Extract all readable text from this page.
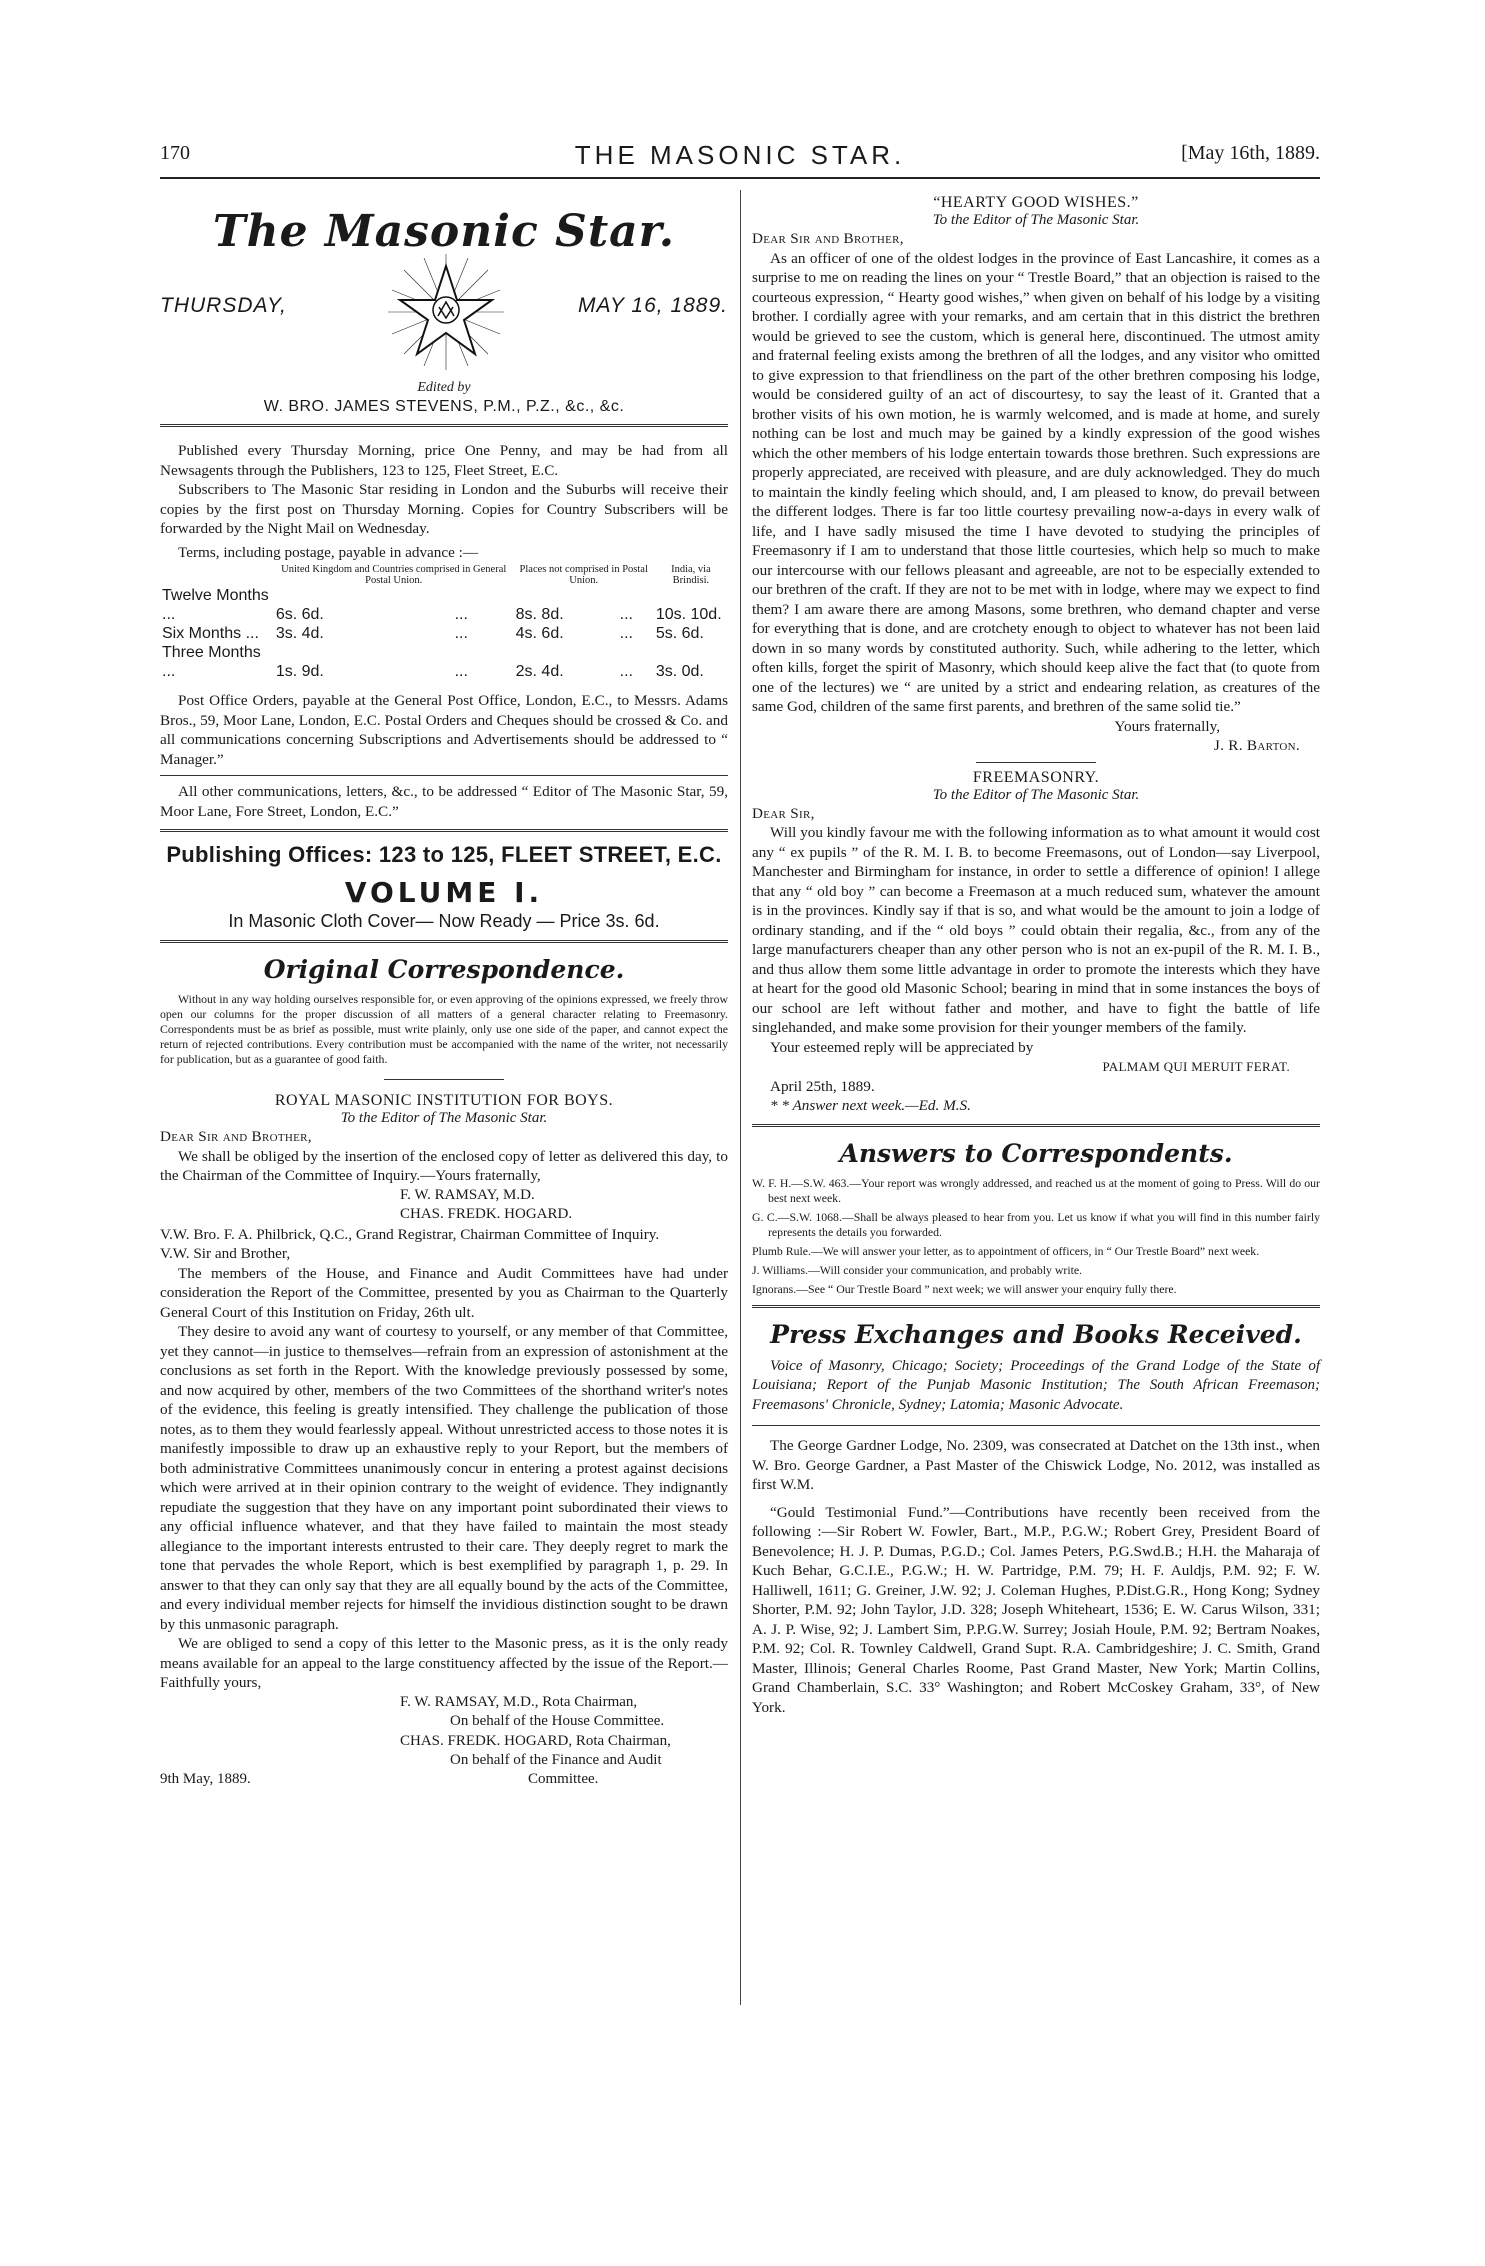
170	THE MASONIC STAR.	[May 16th, 1889.
The Masonic Star.
THURSDAY,	MAY 16, 1889.

Edited by

W. BRO. JAMES STEVENS, P.M., P.Z., &c., &c.

Published every Thursday Morning, price One Penny, and may be had from all Newsagents through the Publishers, 123 to 125, Fleet Street, E.C.

Subscribers to The Masonic Star residing in London and the Suburbs will receive their copies by the first post on Thursday Morning. Copies for Country Subscribers will be forwarded by the Night Mail on Wednesday.

Terms, including postage, payable in advance :—

	United Kingdom and Countries comprised in General Postal Union.		Places not comprised in Postal Union.		India, via Brindisi.
Twelve Months ...	6s. 6d.	...	8s. 8d.	...	10s. 10d.
Six Months ...	3s. 4d.	...	4s. 6d.	...	5s. 6d.
Three Months ...	1s. 9d.	...	2s. 4d.	...	3s. 0d.

Post Office Orders, payable at the General Post Office, London, E.C., to Messrs. Adams Bros., 59, Moor Lane, London, E.C. Postal Orders and Cheques should be crossed & Co. and all communications concerning Subscriptions and Advertisements should be addressed to “ Manager.”

All other communications, letters, &c., to be addressed “ Editor of The Masonic Star, 59, Moor Lane, Fore Street, London, E.C.”

Publishing Offices: 123 to 125, FLEET STREET, E.C.

VOLUME I.

In Masonic Cloth Cover— Now Ready — Price 3s. 6d.

Original Correspondence.

Without in any way holding ourselves responsible for, or even approving of the opinions expressed, we freely throw open our columns for the proper discussion of all matters of a general character relating to Freemasonry. Correspondents must be as brief as possible, must write plainly, only use one side of the paper, and cannot expect the return of rejected contributions. Every contribution must be accompanied with the name of the writer, not necessarily for publication, but as a guarantee of good faith.

ROYAL MASONIC INSTITUTION FOR BOYS.

To the Editor of The Masonic Star.

Dear Sir and Brother,

We shall be obliged by the insertion of the enclosed copy of letter as delivered this day, to the Chairman of the Committee of Inquiry.—Yours fraternally,

F. W. RAMSAY, M.D.

CHAS. FREDK. HOGARD.

V.W. Bro. F. A. Philbrick, Q.C., Grand Registrar, Chairman Committee of Inquiry.

V.W. Sir and Brother,

The members of the House, and Finance and Audit Committees have had under consideration the Report of the Committee, presented by you as Chairman to the Quarterly General Court of this Institution on Friday, 26th ult.

They desire to avoid any want of courtesy to yourself, or any member of that Committee, yet they cannot—in justice to themselves—refrain from an expression of astonishment at the conclusions as set forth in the Report. With the knowledge previously possessed by some, and now acquired by other, members of the two Committees of the shorthand writer's notes of the evidence, this feeling is greatly intensified. They challenge the publication of those notes, as to them they would fearlessly appeal. Without unrestricted access to those notes it is manifestly impossible to draw up an exhaustive reply to your Report, but the members of both administrative Committees unanimously concur in entering a protest against decisions which were arrived at in their opinion contrary to the weight of evidence. They indignantly repudiate the suggestion that they have on any important point subordinated their views to any official influence whatever, and that they have failed to maintain the most steady allegiance to the important interests entrusted to their care. They deeply regret to mark the tone that pervades the whole Report, which is best exemplified by paragraph 1, p. 29. In answer to that they can only say that they are all equally bound by the acts of the Committee, and every individual member rejects for himself the invidious distinction sought to be drawn by this unmasonic paragraph.

We are obliged to send a copy of this letter to the Masonic press, as it is the only ready means available for an appeal to the large constituency affected by the issue of the Report.—Faithfully yours,

F. W. RAMSAY, M.D., Rota Chairman,

On behalf of the House Committee.

CHAS. FREDK. HOGARD, Rota Chairman,

On behalf of the Finance and Audit

9th May, 1889.	Committee.

“HEARTY GOOD WISHES.”

To the Editor of The Masonic Star.

Dear Sir and Brother,

As an officer of one of the oldest lodges in the province of East Lancashire, it comes as a surprise to me on reading the lines on your “ Trestle Board,” that an objection is raised to the courteous expression, “ Hearty good wishes,” when given on behalf of his lodge by a visiting brother. I cordially agree with your remarks, and am certain that in this district the brethren would be grieved to see the custom, which is general here, discontinued. The utmost amity and fraternal feeling exists among the brethren of all the lodges, and any visitor who omitted to give expression to that friendliness on the part of the other brethren composing his lodge, would be considered guilty of an act of discourtesy, to say the least of it. Granted that a brother visits of his own motion, he is warmly welcomed, and is made at home, and surely nothing can be lost and much may be gained by a kindly expression of the good wishes which the other members of his lodge entertain towards those brethren. Such expressions are properly appreciated, are received with pleasure, and are duly acknowledged. They do much to maintain the kindly feeling which should, and, I am pleased to know, do prevail between the different lodges. There is far too little courtesy prevailing now-a-days in every walk of life, and I have sadly misused the time I have devoted to studying the principles of Freemasonry if I am to understand that those little courtesies, which help so much to make our intercourse with our fellows pleasant and agreeable, are not to be especially extended to our brethren of the craft. If they are not to be met with in lodge, where may we expect to find them? I am aware there are among Masons, some brethren, who demand chapter and verse for everything that is done, and are crotchety enough to object to whatever has not been laid down in so many words by constituted authority. Such, while adhering to the letter, which often kills, forget the spirit of Masonry, which should keep alive the fact that (to quote from one of the lectures) we “ are united by a strict and endearing relation, as creatures of the same God, children of the same first parents, and brethren of the same solid tie.”

Yours fraternally,

J. R. Barton.

FREEMASONRY.

To the Editor of The Masonic Star.

Dear Sir,

Will you kindly favour me with the following information as to what amount it would cost any “ ex pupils ” of the R. M. I. B. to become Freemasons, out of London—say Liverpool, Manchester and Birmingham for instance, in order to settle a difference of opinion! I allege that any “ old boy ” can become a Freemason at a much reduced sum, whatever the amount is in the provinces. Kindly say if that is so, and what would be the amount to join a lodge of ordinary standing, and if the “ old boys ” could obtain their regalia, &c., from any of the large manufacturers cheaper than any other person who is not an ex-pupil of the R. M. I. B., and thus allow them some little advantage in order to promote the interests which they have at heart for the good old Masonic School; bearing in mind that in some instances the boys of our school are left without father and mother, and have to fight the battle of life singlehanded, and make some provision for their younger members of the family.

Your esteemed reply will be appreciated by

PALMAM QUI MERUIT FERAT.

April 25th, 1889.

* * Answer next week.—Ed. M.S.

Answers to Correspondents.

W. F. H.—S.W. 463.—Your report was wrongly addressed, and reached us at the moment of going to Press. Will do our best next week.

G. C.—S.W. 1068.—Shall be always pleased to hear from you. Let us know if what you will find in this number fairly represents the details you forwarded.

Plumb Rule.—We will answer your letter, as to appointment of officers, in “ Our Trestle Board” next week.

J. Williams.—Will consider your communication, and probably write.

Ignorans.—See “ Our Trestle Board ” next week; we will answer your enquiry fully there.

Press Exchanges and Books Received.

Voice of Masonry, Chicago; Society; Proceedings of the Grand Lodge of the State of Louisiana; Report of the Punjab Masonic Institution; The South African Freemason; Freemasons' Chronicle, Sydney; Latomia; Masonic Advocate.

The George Gardner Lodge, No. 2309, was consecrated at Datchet on the 13th inst., when W. Bro. George Gardner, a Past Master of the Chiswick Lodge, No. 2012, was installed as first W.M.

“Gould Testimonial Fund.”—Contributions have recently been received from the following :—Sir Robert W. Fowler, Bart., M.P., P.G.W.; Robert Grey, President Board of Benevolence; H. J. P. Dumas, P.G.D.; Col. James Peters, P.G.Swd.B.; H.H. the Maharaja of Kuch Behar, G.C.I.E., P.G.W.; H. W. Partridge, P.M. 79; H. F. Auldjs, P.M. 92; F. W. Halliwell, 1611; G. Greiner, J.W. 92; J. Coleman Hughes, P.Dist.G.R., Hong Kong; Sydney Shorter, P.M. 92; John Taylor, J.D. 328; Joseph Whiteheart, 1536; E. W. Carus Wilson, 331; A. J. P. Wise, 92; J. Lambert Sim, P.P.G.W. Surrey; Josiah Houle, P.M. 92; Bertram Noakes, P.M. 92; Col. R. Townley Caldwell, Grand Supt. R.A. Cambridgeshire; J. C. Smith, Grand Master, Illinois; General Charles Roome, Past Grand Master, New York; Martin Collins, Grand Chamberlain, S.C. 33° Washington; and Robert McCoskey Graham, 33°, of New York.
